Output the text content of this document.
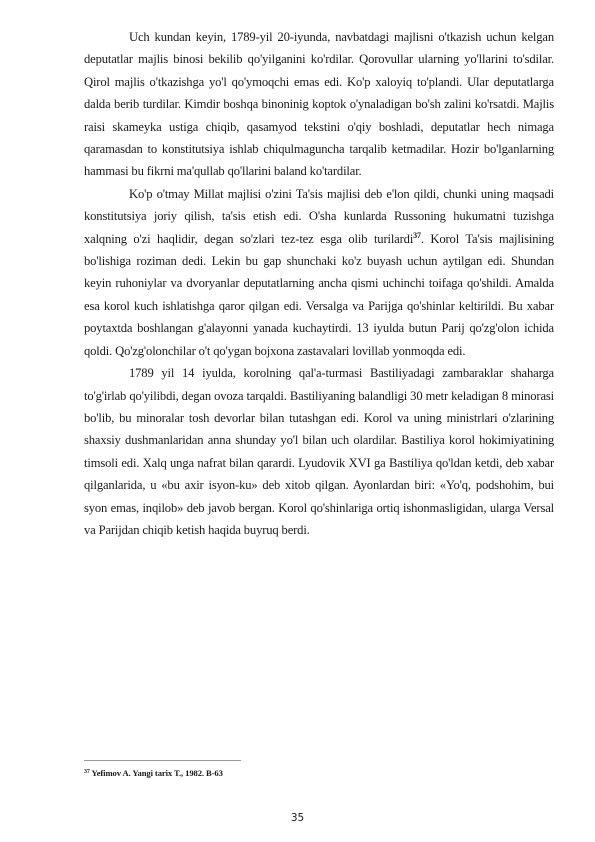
Uch kundan keyin, 1789-yil 20-iyunda, navbatdagi majlisni o'tkazish uchun kelgan deputatlar majlis binosi bekilib qo'yilganini ko'rdilar. Qorovullar ularning yo'llarini to'sdilar. Qirol majlis o'tkazishga yo'l qo'ymoqchi emas edi. Ko'p xaloyiq to'plandi. Ular deputatlarga dalda berib turdilar. Kimdir boshqa binoninig koptok o'ynaladigan bo'sh zalini ko'rsatdi. Majlis raisi skameyka ustiga chiqib, qasamyod tekstini o'qiy boshladi, deputatlar hech nimaga qaramasdan to konstitutsiya ishlab chiqulmaguncha tarqalib ketmadilar. Hozir bo'lganlarning hammasi bu fikrni ma'qullab qo'llarini baland ko'tardilar.

Ko'p o'tmay Millat majlisi o'zini Ta'sis majlisi deb e'lon qildi, chunki uning maqsadi konstitutsiya joriy qilish, ta'sis etish edi. O'sha kunlarda Russoning hukumatni tuzishga xalqning o'zi haqlidir, degan so'zlari tez-tez esga olib turilardi$^{37}$. Korol Ta'sis majlisining bo'lishiga roziman dedi. Lekin bu gap shunchaki ko'z buyash uchun aytilgan edi. Shundan keyin ruhoniylar va dvoryanlar deputatlarning ancha qismi uchinchi toifaga qo'shildi. Amalda esa korol kuch ishlatishga qaror qilgan edi. Versalga va Parijga qo'shinlar keltirildi. Bu xabar poytaxtda boshlangan g'alayonni yanada kuchaytirdi. 13 iyulda butun Parij qo'zg'olon ichida qoldi. Qo'zg'olonchilar o't qo'ygan bojxona zastavalari lovillab yonmoqda edi.

1789 yil 14 iyulda, korolning qal'a-turmasi Bastiliyadagi zambaraklar shaharga to'g'irlab qo'yilibdi, degan ovoza tarqaldi. Bastiliyaning balandligi 30 metr keladigan 8 minorasi bo'lib, bu minoralar tosh devorlar bilan tutashgan edi. Korol va uning ministrlari o'zlarining shaxsiy dushmanlaridan anna shunday yo'l bilan uch olardilar. Bastiliya korol hokimiyatining timsoli edi. Xalq unga nafrat bilan qarardi. Lyudovik XVI ga Bastiliya qo'ldan ketdi, deb xabar qilganlarida, u «bu axir isyon-ku» deb xitob qilgan. Ayonlardan biri: «Yo'q, podshohim, bui syon emas, inqilob» deb javob bergan. Korol qo'shinlariga ortiq ishonmasligidan, ularga Versal va Parijdan chiqib ketish haqida buyruq berdi.

$^{37}$ Yefimov A. Yangi tarix T., 1982. B-63
35
